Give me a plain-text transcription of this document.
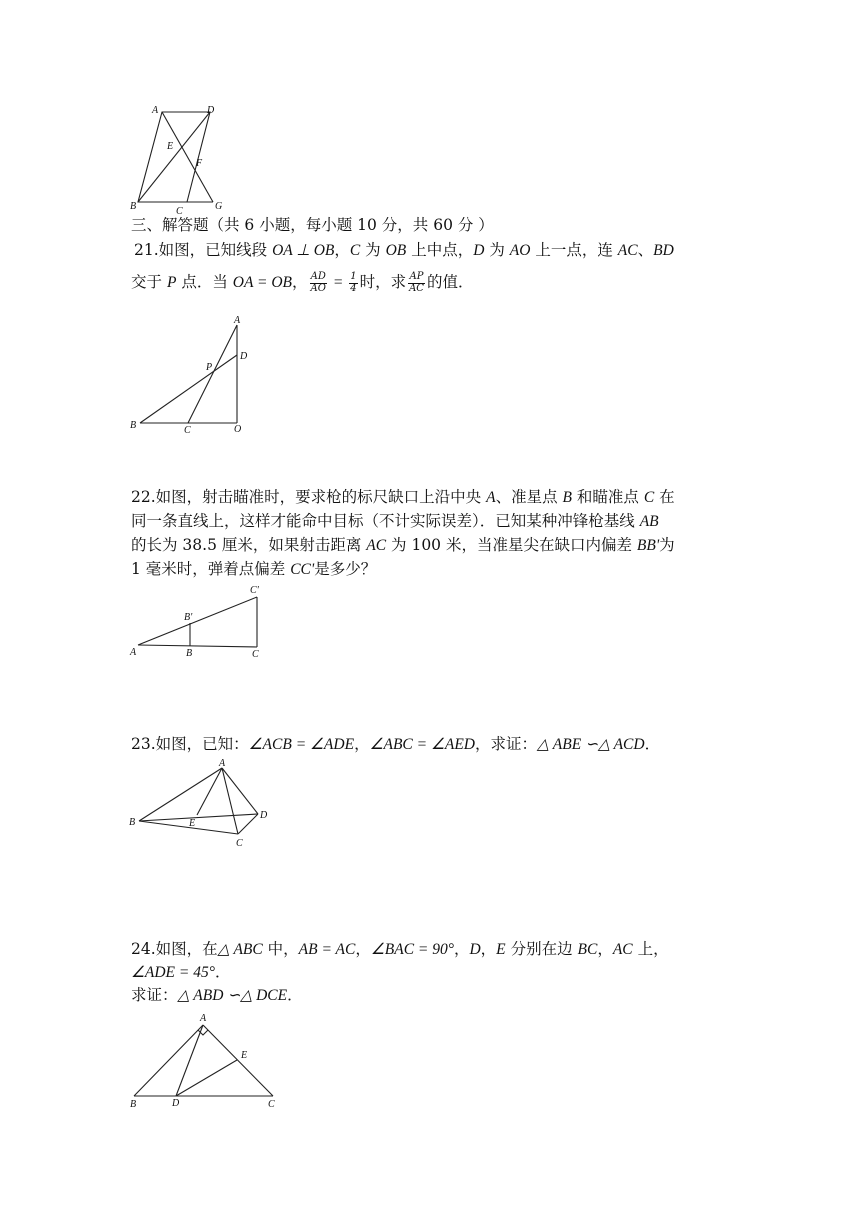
A	D
E
F
B	C	G
三、解答题（共 6 小题，每小题 10 分，共 60 分 ）
21.如图，已知线段 OA ⊥ OB，C 为 OB 上中点，D 为 AO 上一点，连 AC、BD
交于 P 点．当 OA = OB， $\frac{AD}{AO} = \frac{1}{4}$ 时，求 $\frac{AP}{AC}$ 的值．
A
D
P
B	C	O
22.如图，射击瞄准时，要求枪的标尺缺口上沿中央 A、准星点 B 和瞄准点 C 在
同一条直线上，这样才能命中目标（不计实际误差）．已知某种冲锋枪基线 AB
的长为 38.5 厘米，如果射击距离 AC 为 100 米，当准星尖在缺口内偏差 BB'为
1 毫米时，弹着点偏差 CC'是多少？
C'
B'
A	B	C
23.如图，已知：∠ACB = ∠ADE，∠ABC = ∠AED，求证：△ ABE ∽△ ACD．
A
B	E
D
C
24.如图，在△ ABC 中，AB = AC，∠BAC = 90°，D，E 分别在边 BC，AC 上，
∠ADE = 45°．
求证：△ ABD ∽△ DCE．
A
E
B	D	C
